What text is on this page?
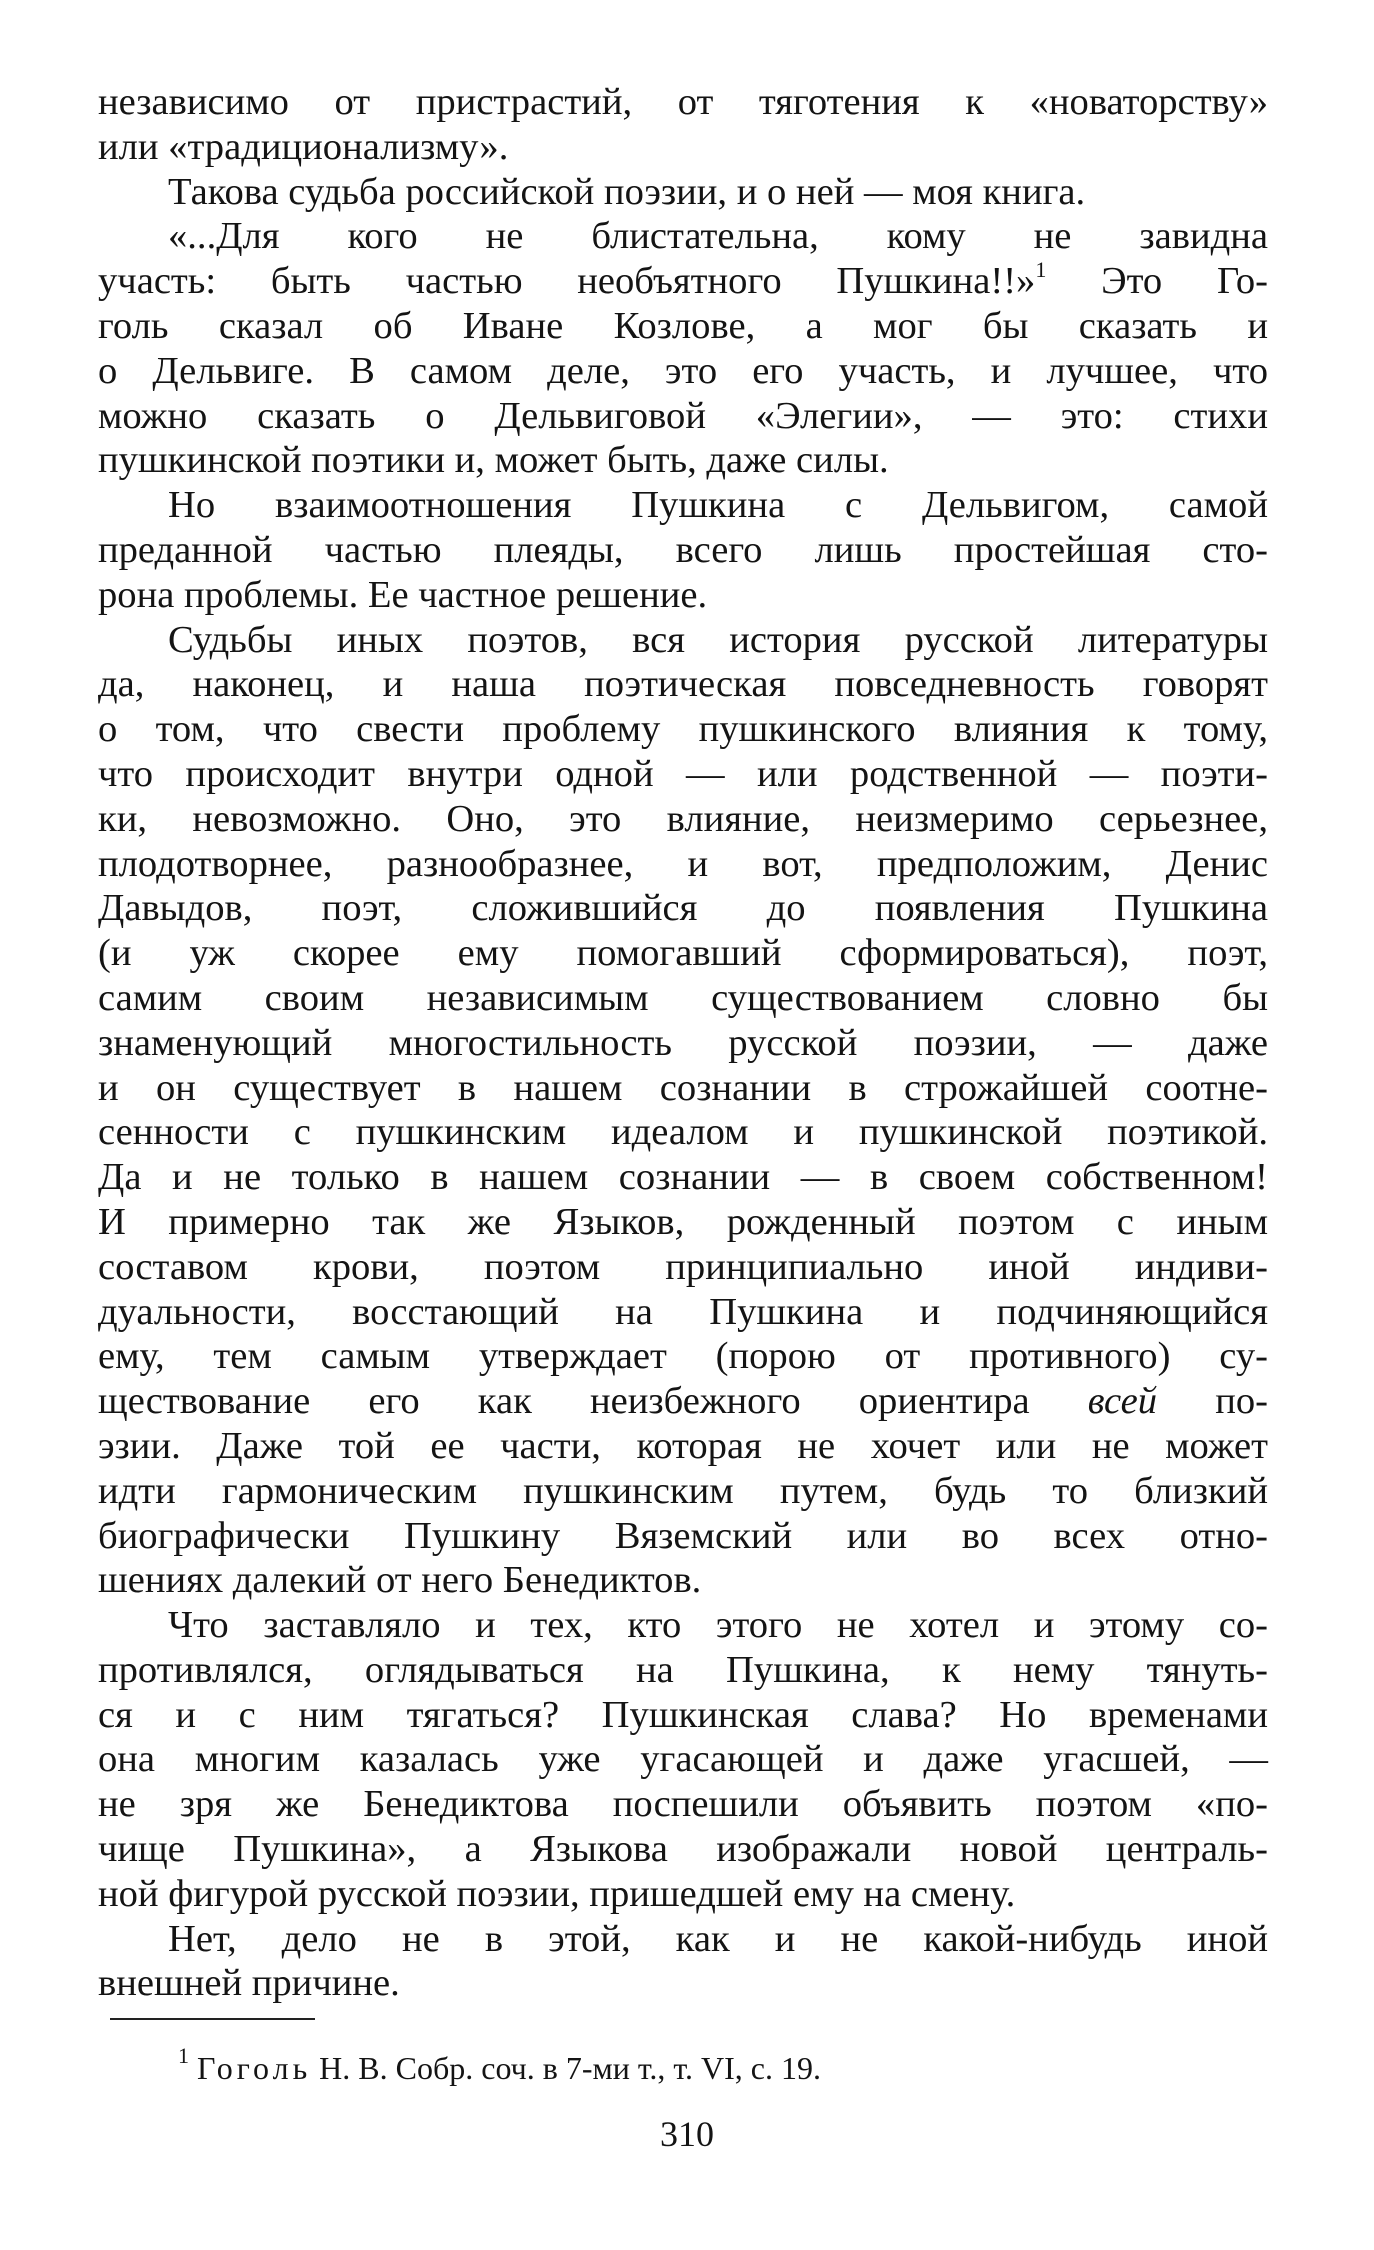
независимо от пристрастий, от тяготения к «новаторству»
или «традиционализму».
Такова судьба российской поэзии, и о ней — моя книга.
«...Для кого не блистательна, кому не завидна
участь: быть частью необъятного Пушкина!!»$^1$ Это Го-
голь сказал об Иване Козлове, а мог бы сказать и
о Дельвиге. В самом деле, это его участь, и лучшее, что
можно сказать о Дельвиговой «Элегии», — это: стихи
пушкинской поэтики и, может быть, даже силы.
Но взаимоотношения Пушкина с Дельвигом, самой
преданной частью плеяды, всего лишь простейшая сто-
рона проблемы. Ее частное решение.
Судьбы иных поэтов, вся история русской литературы
да, наконец, и наша поэтическая повседневность говорят
о том, что свести проблему пушкинского влияния к тому,
что происходит внутри одной — или родственной — поэти-
ки, невозможно. Оно, это влияние, неизмеримо серьезнее,
плодотворнее, разнообразнее, и вот, предположим, Денис
Давыдов, поэт, сложившийся до появления Пушкина
(и уж скорее ему помогавший сформироваться), поэт,
самим своим независимым существованием словно бы
знаменующий многостильность русской поэзии, — даже
и он существует в нашем сознании в строжайшей соотне-
сенности с пушкинским идеалом и пушкинской поэтикой.
Да и не только в нашем сознании — в своем собственном!
И примерно так же Языков, рожденный поэтом с иным
составом крови, поэтом принципиально иной индиви-
дуальности, восстающий на Пушкина и подчиняющийся
ему, тем самым утверждает (порою от противного) су-
ществование его как неизбежного ориентира всей по-
эзии. Даже той ее части, которая не хочет или не может
идти гармоническим пушкинским путем, будь то близкий
биографически Пушкину Вяземский или во всех отно-
шениях далекий от него Бенедиктов.
Что заставляло и тех, кто этого не хотел и этому со-
противлялся, оглядываться на Пушкина, к нему тянуть-
ся и с ним тягаться? Пушкинская слава? Но временами
она многим казалась уже угасающей и даже угасшей, —
не зря же Бенедиктова поспешили объявить поэтом «по-
чище Пушкина», а Языкова изображали новой централь-
ной фигурой русской поэзии, пришедшей ему на смену.
Нет, дело не в этой, как и не какой-нибудь иной
внешней причине.
$^1$ Гоголь Н. В. Собр. соч. в 7-ми т., т. VI, с. 19.
310
